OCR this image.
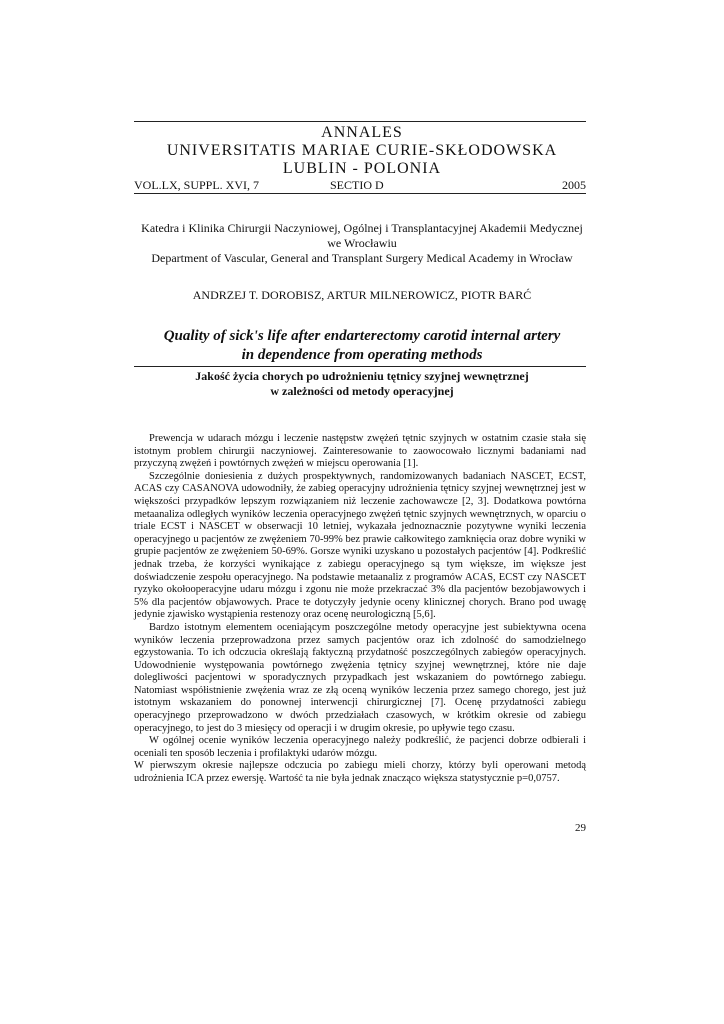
ANNALES
UNIVERSITATIS MARIAE CURIE-SKŁODOWSKA
LUBLIN - POLONIA
VOL.LX, SUPPL. XVI, 7	SECTIO D	2005
Katedra i Klinika Chirurgii Naczyniowej, Ogólnej i Transplantacyjnej Akademii Medycznej
we Wrocławiu
Department of Vascular, General and Transplant Surgery Medical Academy in Wrocław
ANDRZEJ T. DOROBISZ, ARTUR MILNEROWICZ, PIOTR BARĆ
Quality of sick's life after endarterectomy carotid internal artery
in dependence from operating methods
Jakość życia chorych po udrożnieniu tętnicy szyjnej wewnętrznej
w zależności od metody operacyjnej

Prewencja w udarach mózgu i leczenie następstw zwężeń tętnic szyjnych w ostatnim czasie stała się istotnym problem chirurgii naczyniowej. Zainteresowanie to zaowocowało licznymi badaniami nad przyczyną zwężeń i powtórnych zwężeń w miejscu operowania [1].

Szczególnie doniesienia z dużych prospektywnych, randomizowanych badaniach NASCET, ECST, ACAS czy CASANOVA udowodniły, że zabieg operacyjny udrożnienia tętnicy szyjnej wewnętrznej jest w większości przypadków lepszym rozwiązaniem niż leczenie zachowawcze [2, 3]. Dodatkowa powtórna metaanaliza odległych wyników leczenia operacyjnego zwężeń tętnic szyjnych wewnętrznych, w oparciu o triale ECST i NASCET w obserwacji 10 letniej, wykazała jednoznacznie pozytywne wyniki leczenia operacyjnego u pacjentów ze zwężeniem 70-99% bez prawie całkowitego zamknięcia oraz dobre wyniki w grupie pacjentów ze zwężeniem 50-69%. Gorsze wyniki uzyskano u pozostałych pacjentów [4]. Podkreślić jednak trzeba, że korzyści wynikające z zabiegu operacyjnego są tym większe, im większe jest doświadczenie zespołu operacyjnego. Na podstawie metaanaliz z programów ACAS, ECST czy NASCET ryzyko okołooperacyjne udaru mózgu i zgonu nie może przekraczać 3% dla pacjentów bezobjawowych i 5% dla pacjentów objawowych. Prace te dotyczyły jedynie oceny klinicznej chorych. Brano pod uwagę jedynie zjawisko wystąpienia restenozy oraz ocenę neurologiczną [5,6].

Bardzo istotnym elementem oceniającym poszczególne metody operacyjne jest subiektywna ocena wyników leczenia przeprowadzona przez samych pacjentów oraz ich zdolność do samodzielnego egzystowania. To ich odczucia określają faktyczną przydatność poszczególnych zabiegów operacyjnych. Udowodnienie występowania powtórnego zwężenia tętnicy szyjnej wewnętrznej, które nie daje dolegliwości pacjentowi w sporadycznych przypadkach jest wskazaniem do powtórnego zabiegu. Natomiast współistnienie zwężenia wraz ze złą oceną wyników leczenia przez samego chorego, jest już istotnym wskazaniem do ponownej interwencji chirurgicznej [7]. Ocenę przydatności zabiegu operacyjnego przeprowadzono w dwóch przedziałach czasowych, w krótkim okresie od zabiegu operacyjnego, to jest do 3 miesięcy od operacji i w drugim okresie, po upływie tego czasu.

W ogólnej ocenie wyników leczenia operacyjnego należy podkreślić, że pacjenci dobrze odbierali i oceniali ten sposób leczenia i profilaktyki udarów mózgu.

W pierwszym okresie najlepsze odczucia po zabiegu mieli chorzy, którzy byli operowani metodą udrożnienia ICA przez ewersję. Wartość ta nie była jednak znacząco większa statystycznie p=0,0757.

29
